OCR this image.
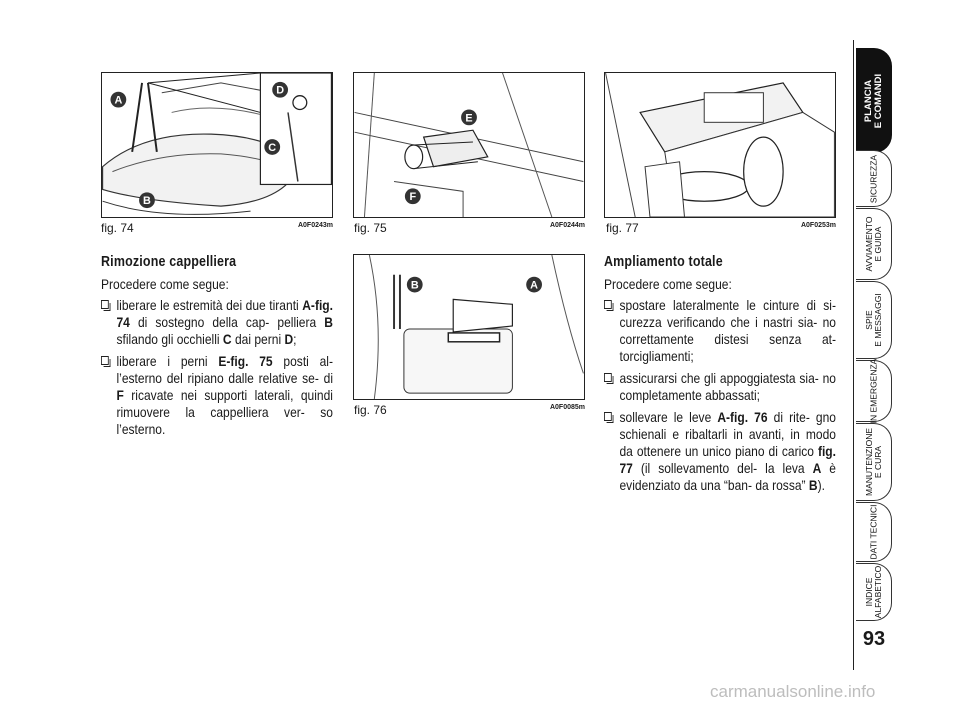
A
B
C
D
fig. 74	A0F0243m
E
F
fig. 75	A0F0244m
B	A
fig. 76	A0F0085m
fig. 77	A0F0253m
Rimozione cappelliera

Procedere come segue:

liberare le estremità dei due tiranti A-fig. 74 di sostegno della cap- pelliera B sfilando gli occhielli C dai perni D;
liberare i perni E-fig. 75 posti al- l’esterno del ripiano dalle relative se- di F ricavate nei supporti laterali, quindi rimuovere la cappelliera ver- so l’esterno.
Ampliamento totale

Procedere come segue:

spostare lateralmente le cinture di si- curezza verificando che i nastri sia- no correttamente distesi senza at- torcigliamenti;
assicurarsi che gli appoggiatesta sia- no completamente abbassati;
sollevare le leve A-fig. 76 di rite- gno schienali e ribaltarli in avanti, in modo da ottenere un unico piano di carico fig. 77 (il sollevamento del- la leva A è evidenziato da una “ban- da rossa” B).
PLANCIA
E COMANDI
SICUREZZA
AVVIAMENTO
E GUIDA
SPIE
E MESSAGGI
IN EMERGENZA
MANUTENZIONE
E CURA
DATI TECNICI
INDICE
ALFABETICO
93
carmanualsonline.info
